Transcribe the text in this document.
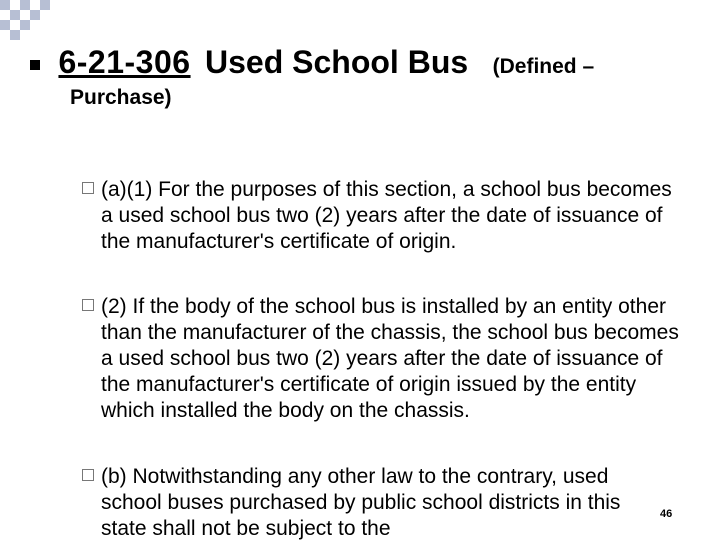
6-21-306 Used School Bus (Defined –
Purchase)
(a)(1) For the purposes of this section, a school bus becomes a used school bus two (2) years after the date of issuance of the manufacturer's certificate of origin.
(2) If the body of the school bus is installed by an entity other than the manufacturer of the chassis, the school bus becomes a used school bus two (2) years after the date of issuance of the manufacturer's certificate of origin issued by the entity which installed the body on the chassis.
(b) Notwithstanding any other law to the contrary, used school buses purchased by public school districts in this state shall not be subject to the
46
